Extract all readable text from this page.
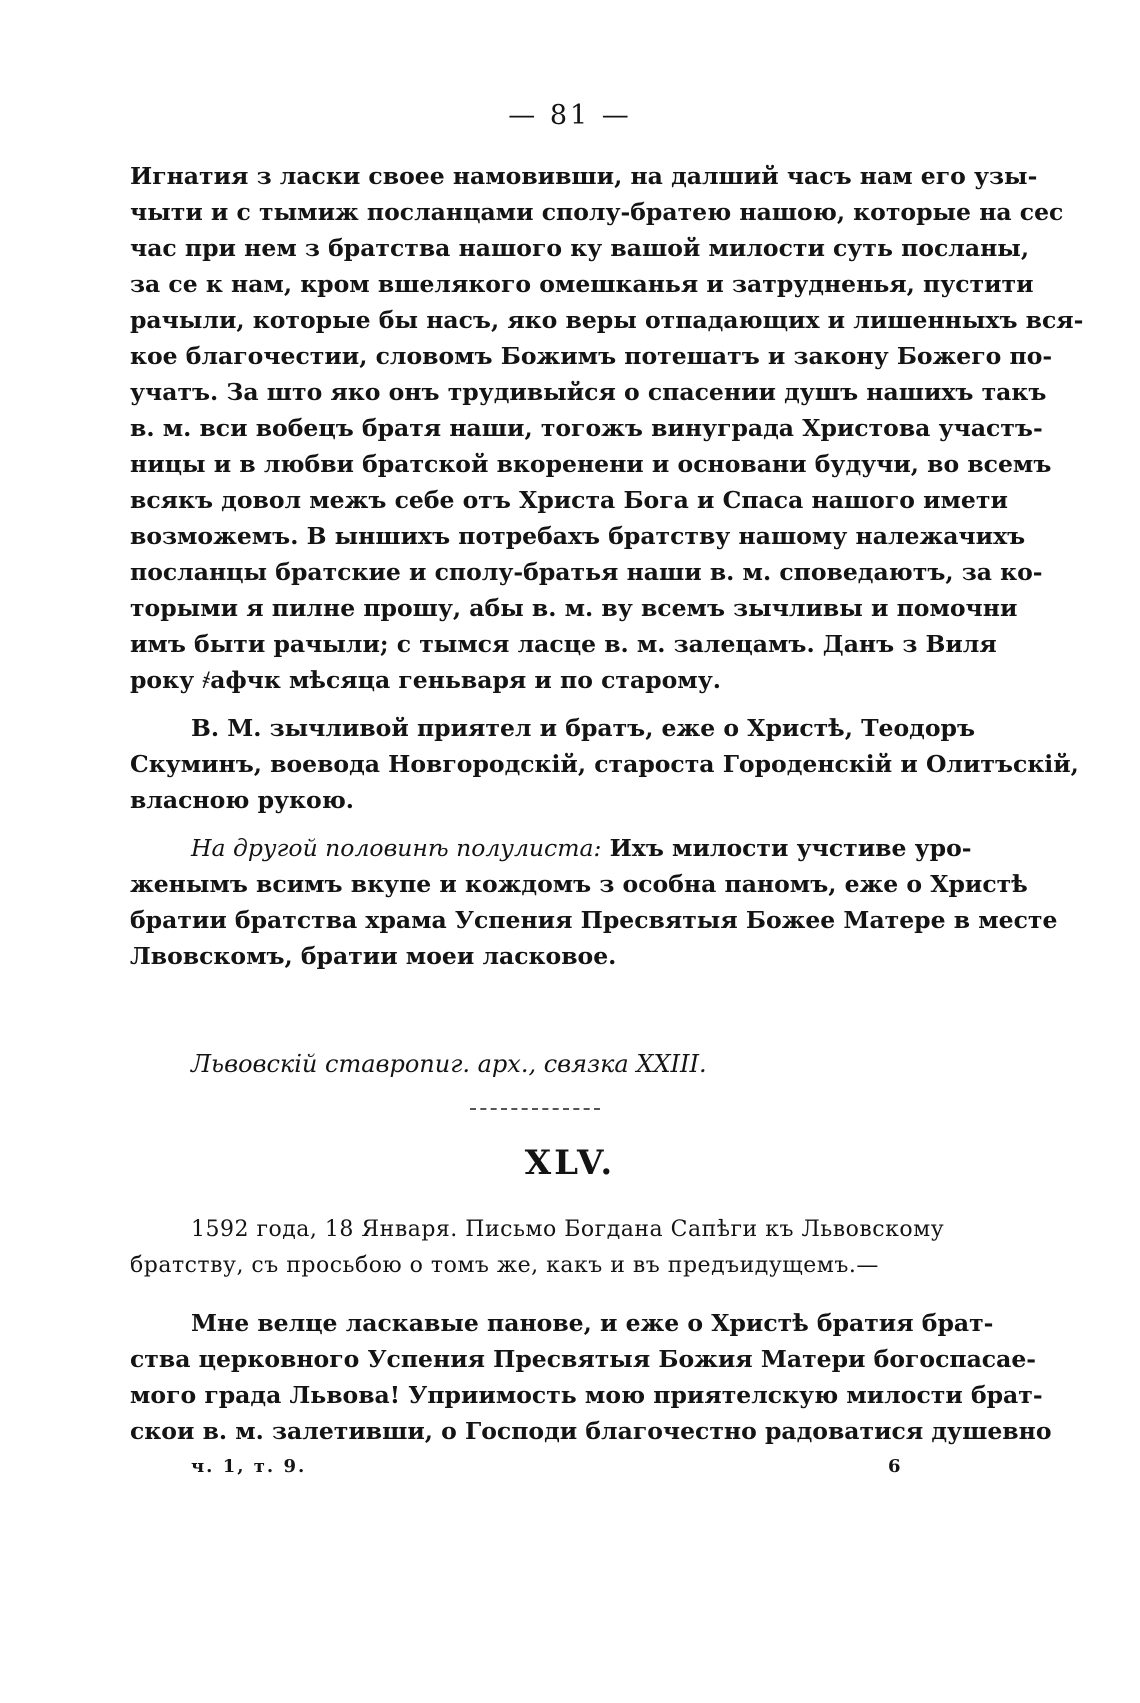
— 81 —
Игнатия з ласки своее намовивши, на далший часъ нам его узы-
чыти и с тымиж посланцами сполу-братею нашою, которые на сес
час при нем з братства нашого ку вашой милости суть посланы,
за се к нам, кром вшелякого омешканья и затрудненья, пустити
рачыли, которые бы насъ, яко веры отпадающих и лишенныхъ вся-
кое благочестии, словомъ Божимъ потешатъ и закону Божего по-
учатъ. За што яко онъ трудивыйся о спасении душъ нашихъ такъ
в. м. вси вобецъ братя наши, тогожъ винуграда Христова участъ-
ницы и в любви братской вкоренени и основани будучи, во всемъ
всякъ довол межъ себе отъ Христа Бога и Спаса нашого имети
возможемъ. В ыншихъ потребахъ братству нашому належачихъ
посланцы братские и сполу-братья наши в. м. споведаютъ, за ко-
торыми я пилне прошу, абы в. м. ву всемъ зычливы и помочни
имъ быти рачыли; с тымся ласце в. м. залецамъ. Данъ з Виля
року ҂афчк мѣсяца геньваря и по старому.
В. М. зычливой приятел и братъ, еже о Христѣ, Теодоръ
Скуминъ, воевода Новгородскій, староста Городенскій и Олитъскій,
власною рукою.
На другой половинѣ полулиста: Ихъ милости учстиве уро-
женымъ всимъ вкупе и кождомъ з особна паномъ, еже о Христѣ
братии братства храма Успения Пресвятыя Божее Матере в месте
Лвовскомъ, братии моеи ласковое.
Львовскій ставропиг. арх., связка XXIII.
XLV.
1592 года, 18 Января. Письмо Богдана Сапѣги къ Львовскому
братству, съ просьбою о томъ же, какъ и въ предъидущемъ.—
Мне велце ласкавые панове, и еже о Христѣ братия брат-
ства церковного Успения Пресвятыя Божия Матери богоспасае-
мого града Львова! Уприимость мою приятелскую милости брат-
скои в. м. залетивши, о Господи благочестно радоватися душевно
ч. 1, т. 9.	6
